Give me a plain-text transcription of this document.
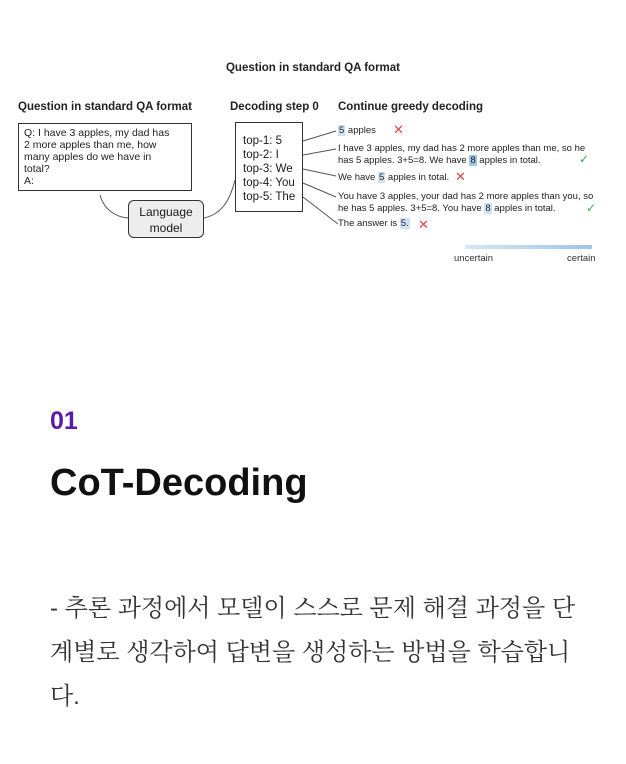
Question in standard QA format
Question in standard QA format	Decoding step 0 Continue greedy decoding
Q: I have 3 apples, my dad has
2 more apples than me, how
many apples do we have in
total?
A:
Language
model
top-1: 5
top-2: I
top-3: We
top-4: You
top-5: The
5 apples ✕
I have 3 apples, my dad has 2 more apples than me, so he
has 5 apples. 3+5=8. We have 8 apples in total.	✓
We have 5 apples in total. ✕
You have 3 apples, your dad has 2 more apples than you, so
he has 5 apples. 3+5=8. You have 8 apples in total.	✓
The answer is 5. ✕
uncertain	certain
01
CoT-Decoding
- 추론 과정에서 모델이 스스로 문제 해결 과정을 단계별로 생각하여 답변을 생성하는 방법을 학습합니다.
